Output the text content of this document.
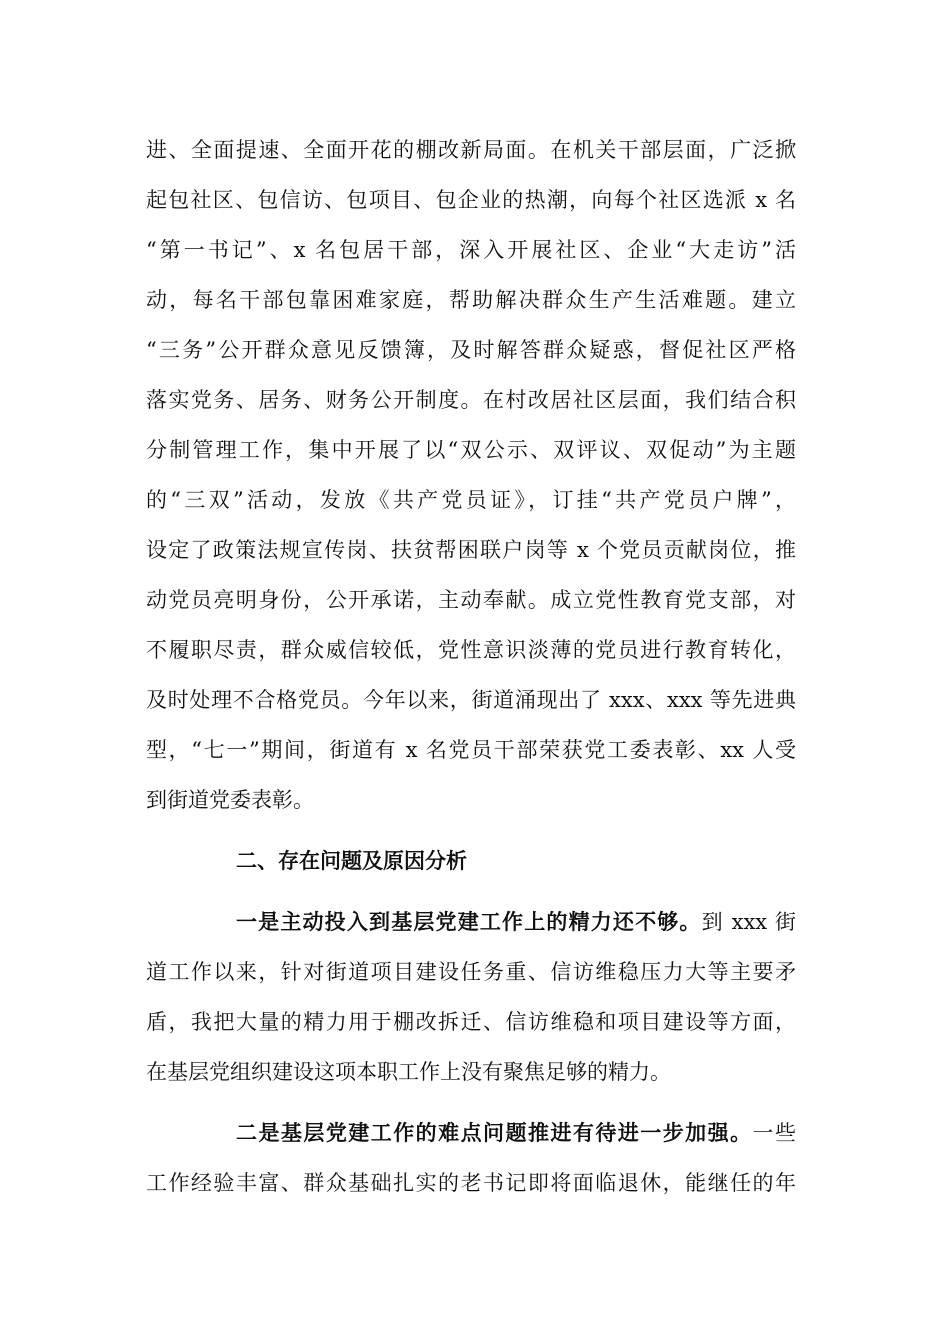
进、全面提速、全面开花的棚改新局面。在机关干部层面，广泛掀
起包社区、包信访、包项目、包企业的热潮，向每个社区选派 x 名
“第一书记”、x 名包居干部，深入开展社区、企业“大走访”活
动，每名干部包靠困难家庭，帮助解决群众生产生活难题。建立
“三务”公开群众意见反馈簿，及时解答群众疑惑，督促社区严格
落实党务、居务、财务公开制度。在村改居社区层面，我们结合积
分制管理工作，集中开展了以“双公示、双评议、双促动”为主题
的“三双”活动，发放《共产党员证》，订挂“共产党员户牌”，
设定了政策法规宣传岗、扶贫帮困联户岗等 x 个党员贡献岗位，推
动党员亮明身份，公开承诺，主动奉献。成立党性教育党支部，对
不履职尽责，群众威信较低，党性意识淡薄的党员进行教育转化，
及时处理不合格党员。今年以来，街道涌现出了 xxx、xxx 等先进典
型，“七一”期间，街道有 x 名党员干部荣获党工委表彰、xx 人受
到街道党委表彰。
二、存在问题及原因分析
一是主动投入到基层党建工作上的精力还不够。到 xxx 街
道工作以来，针对街道项目建设任务重、信访维稳压力大等主要矛
盾，我把大量的精力用于棚改拆迁、信访维稳和项目建设等方面，
在基层党组织建设这项本职工作上没有聚焦足够的精力。
二是基层党建工作的难点问题推进有待进一步加强。一些
工作经验丰富、群众基础扎实的老书记即将面临退休，能继任的年
